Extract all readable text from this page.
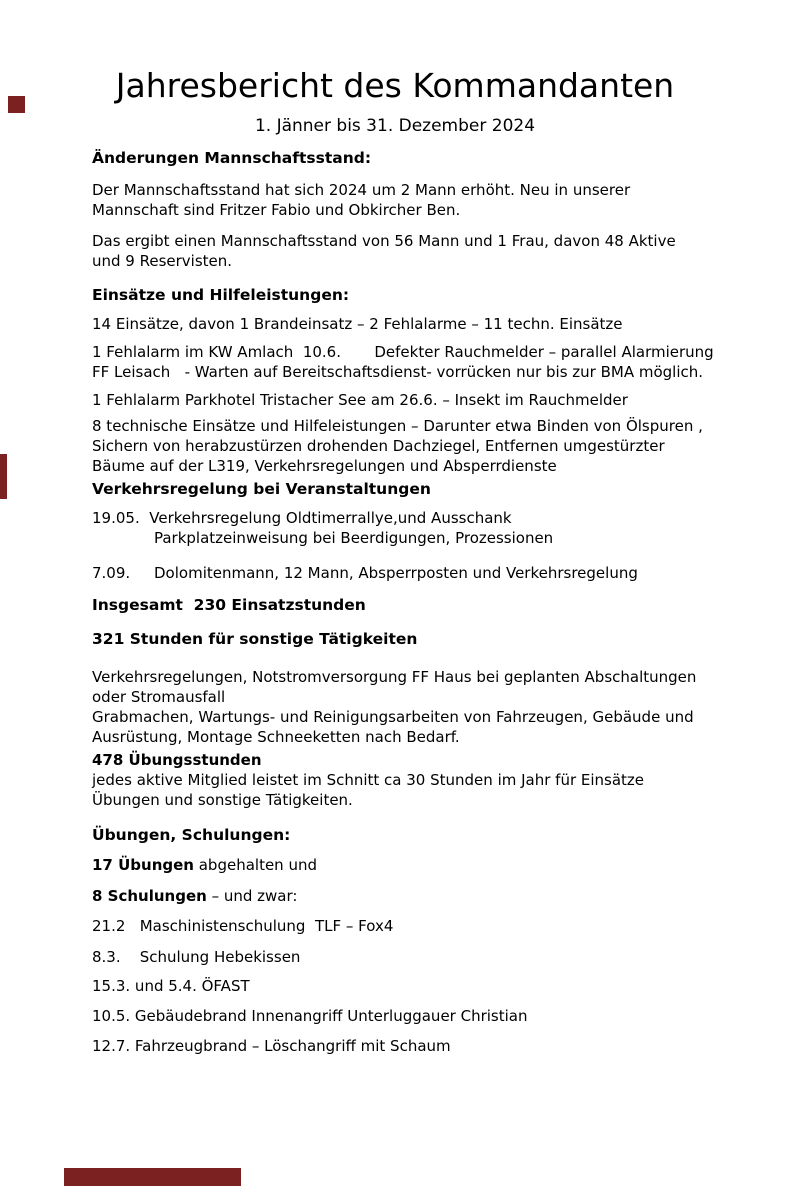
Jahresbericht des Kommandanten
1. Jänner bis 31. Dezember 2024
Änderungen Mannschaftsstand:
Der Mannschaftsstand hat sich 2024 um 2 Mann erhöht. Neu in unserer
Mannschaft sind Fritzer Fabio und Obkircher Ben.
Das ergibt einen Mannschaftsstand von 56 Mann und 1 Frau, davon 48 Aktive
und 9 Reservisten.
Einsätze und Hilfeleistungen:
14 Einsätze, davon 1 Brandeinsatz – 2 Fehlalarme – 11 techn. Einsätze
1 Fehlalarm im KW Amlach  10.6.       Defekter Rauchmelder – parallel Alarmierung
FF Leisach   - Warten auf Bereitschaftsdienst- vorrücken nur bis zur BMA möglich.
1 Fehlalarm Parkhotel Tristacher See am 26.6. – Insekt im Rauchmelder
8 technische Einsätze und Hilfeleistungen – Darunter etwa Binden von Ölspuren ,
Sichern von herabzustürzen drohenden Dachziegel, Entfernen umgestürzter
Bäume auf der L319, Verkehrsregelungen und Absperrdienste
Verkehrsregelung bei Veranstaltungen
19.05.  Verkehrsregelung Oldtimerrallye,und Ausschank
Parkplatzeinweisung bei Beerdigungen, Prozessionen
7.09.     Dolomitenmann, 12 Mann, Absperrposten und Verkehrsregelung
Insgesamt  230 Einsatzstunden
321 Stunden für sonstige Tätigkeiten
Verkehrsregelungen, Notstromversorgung FF Haus bei geplanten Abschaltungen
oder Stromausfall
Grabmachen, Wartungs- und Reinigungsarbeiten von Fahrzeugen, Gebäude und
Ausrüstung, Montage Schneeketten nach Bedarf.
478 Übungsstunden
jedes aktive Mitglied leistet im Schnitt ca 30 Stunden im Jahr für Einsätze
Übungen und sonstige Tätigkeiten.
Übungen, Schulungen:
17 Übungen abgehalten und
8 Schulungen – und zwar:
21.2   Maschinistenschulung  TLF – Fox4
8.3.    Schulung Hebekissen
15.3. und 5.4. ÖFAST
10.5. Gebäudebrand Innenangriff Unterluggauer Christian
12.7. Fahrzeugbrand – Löschangriff mit Schaum
